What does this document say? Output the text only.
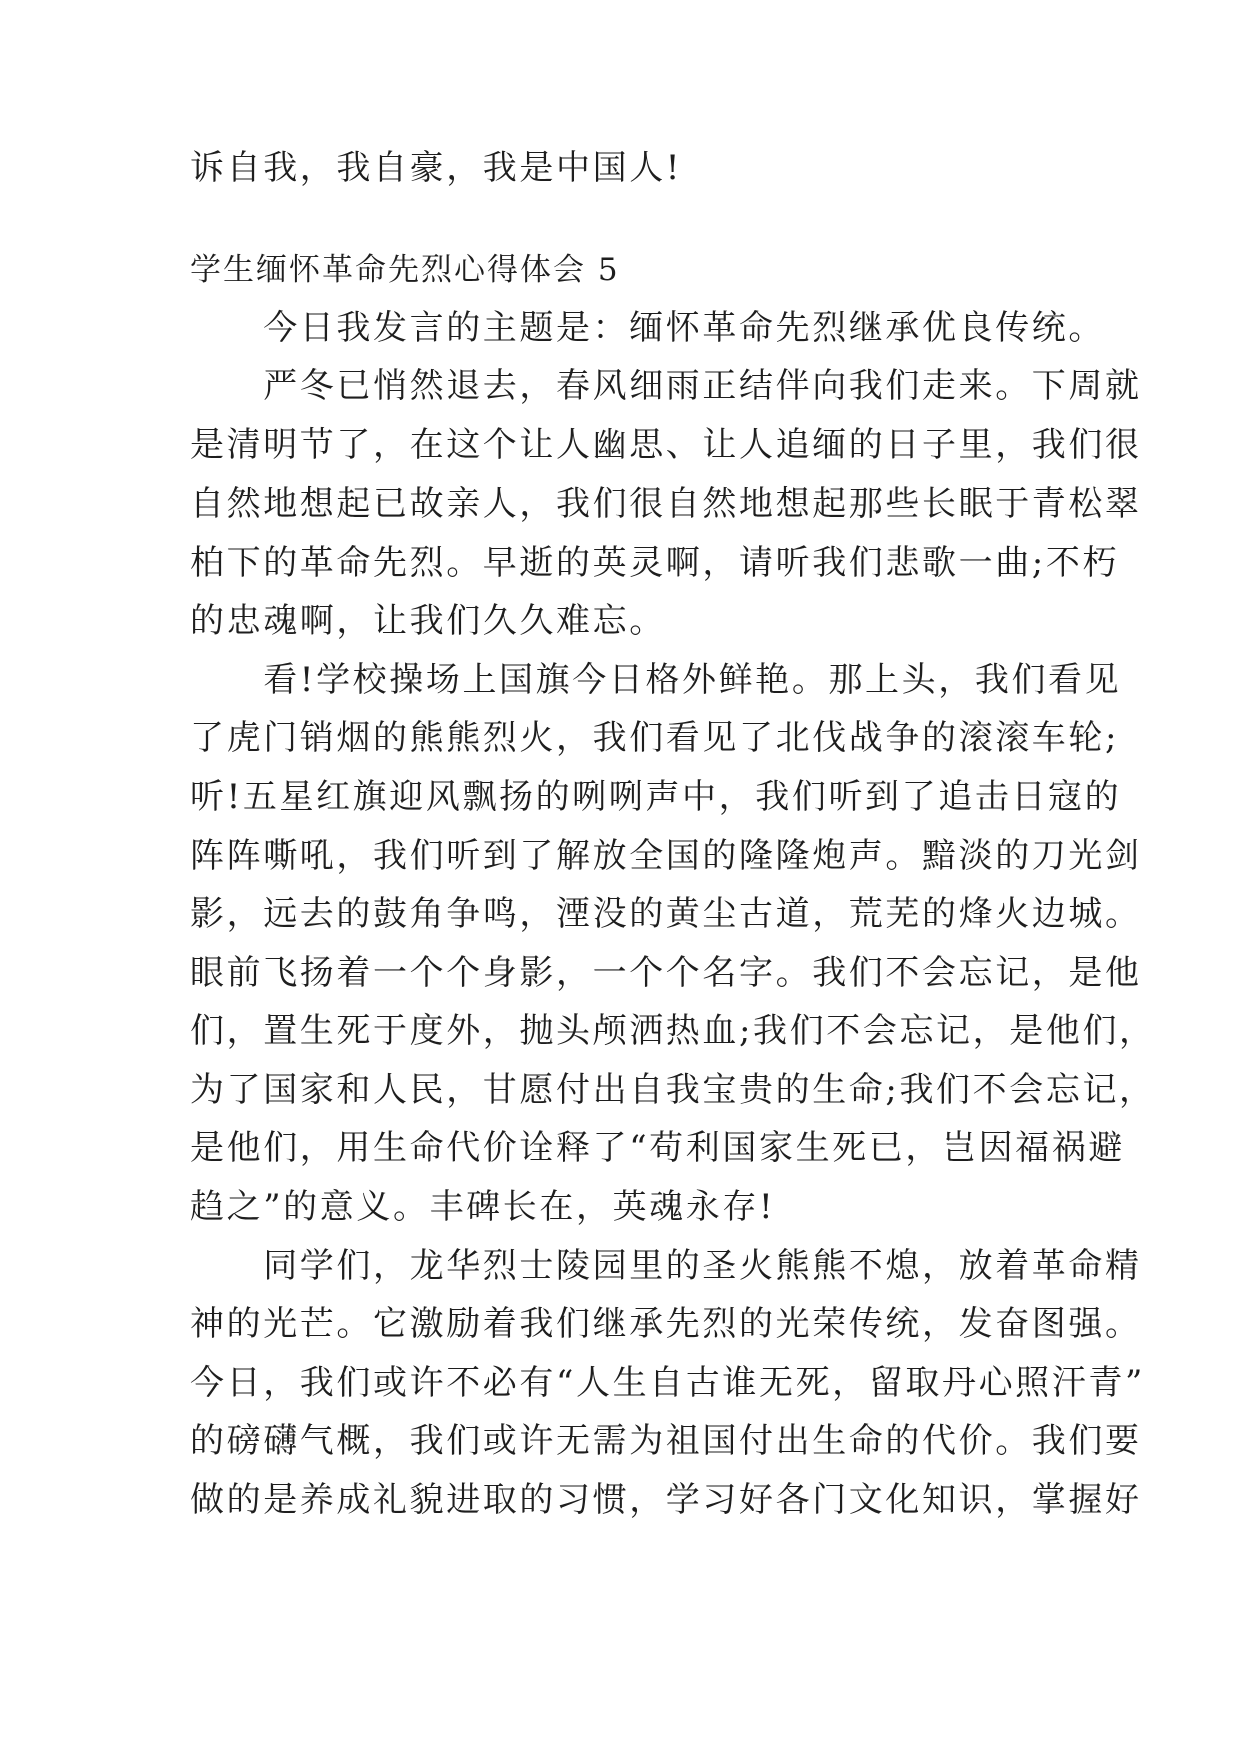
诉自我，我自豪，我是中国人!
学生缅怀革命先烈心得体会 5
　　今日我发言的主题是：缅怀革命先烈继承优良传统。
　　严冬已悄然退去，春风细雨正结伴向我们走来。下周就
是清明节了，在这个让人幽思、让人追缅的日子里，我们很
自然地想起已故亲人，我们很自然地想起那些长眠于青松翠
柏下的革命先烈。早逝的英灵啊，请听我们悲歌一曲;不朽
的忠魂啊，让我们久久难忘。
　　看!学校操场上国旗今日格外鲜艳。那上头，我们看见
了虎门销烟的熊熊烈火，我们看见了北伐战争的滚滚车轮;
听!五星红旗迎风飘扬的咧咧声中，我们听到了追击日寇的
阵阵嘶吼，我们听到了解放全国的隆隆炮声。黯淡的刀光剑
影，远去的鼓角争鸣，湮没的黄尘古道，荒芜的烽火边城。
眼前飞扬着一个个身影，一个个名字。我们不会忘记，是他
们，置生死于度外，抛头颅洒热血;我们不会忘记，是他们，
为了国家和人民，甘愿付出自我宝贵的生命;我们不会忘记，
是他们，用生命代价诠释了“苟利国家生死已，岂因福祸避
趋之”的意义。丰碑长在，英魂永存!
　　同学们，龙华烈士陵园里的圣火熊熊不熄，放着革命精
神的光芒。它激励着我们继承先烈的光荣传统，发奋图强。
今日，我们或许不必有“人生自古谁无死，留取丹心照汗青”
的磅礴气概，我们或许无需为祖国付出生命的代价。我们要
做的是养成礼貌进取的习惯，学习好各门文化知识，掌握好
